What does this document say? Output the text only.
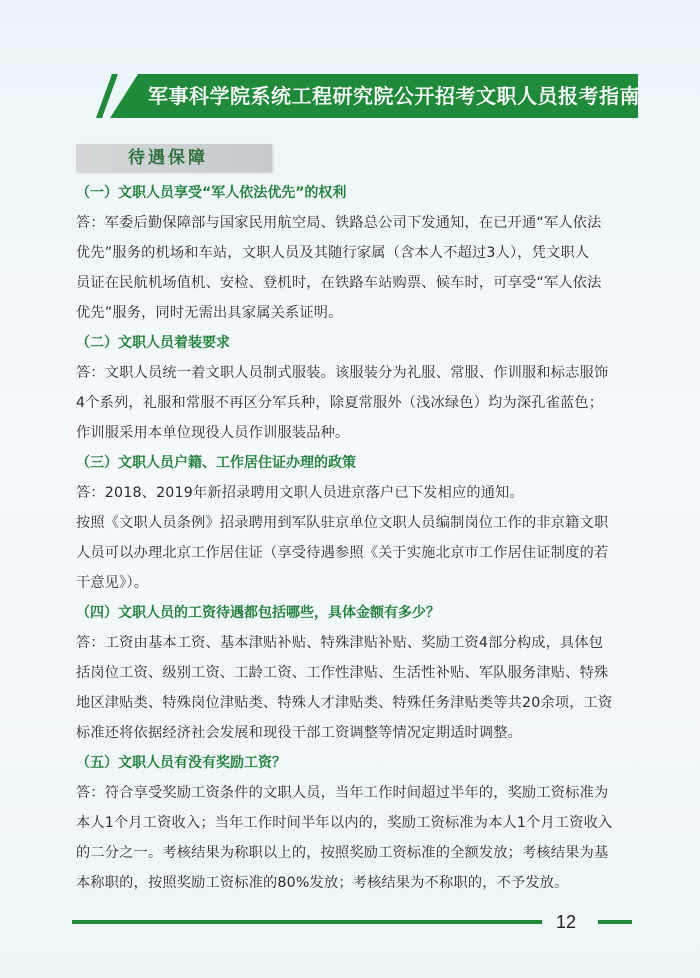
军事科学院系统工程研究院公开招考文职人员报考指南
待遇保障

（一）文职人员享受“军人依法优先”的权利

答：军委后勤保障部与国家民用航空局、铁路总公司下发通知，在已开通“军人依法

优先”服务的机场和车站，文职人员及其随行家属（含本人不超过3人），凭文职人

员证在民航机场值机、安检、登机时，在铁路车站购票、候车时，可享受“军人依法

优先”服务，同时无需出具家属关系证明。

（二）文职人员着装要求

答：文职人员统一着文职人员制式服装。该服装分为礼服、常服、作训服和标志服饰

4个系列，礼服和常服不再区分军兵种，除夏常服外（浅冰绿色）均为深孔雀蓝色；

作训服采用本单位现役人员作训服装品种。

（三）文职人员户籍、工作居住证办理的政策

答：2018、2019年新招录聘用文职人员进京落户已下发相应的通知。

按照《文职人员条例》招录聘用到军队驻京单位文职人员编制岗位工作的非京籍文职

人员可以办理北京工作居住证（享受待遇参照《关于实施北京市工作居住证制度的若

干意见》）。

（四）文职人员的工资待遇都包括哪些，具体金额有多少？

答：工资由基本工资、基本津贴补贴、特殊津贴补贴、奖励工资4部分构成，具体包

括岗位工资、级别工资、工龄工资、工作性津贴、生活性补贴、军队服务津贴、特殊

地区津贴类、特殊岗位津贴类、特殊人才津贴类、特殊任务津贴类等共20余项，工资

标准还将依据经济社会发展和现役干部工资调整等情况定期适时调整。

（五）文职人员有没有奖励工资？

答：符合享受奖励工资条件的文职人员，当年工作时间超过半年的，奖励工资标准为

本人1个月工资收入；当年工作时间半年以内的，奖励工资标准为本人1个月工资收入

的二分之一。考核结果为称职以上的，按照奖励工资标准的全额发放；考核结果为基

本称职的，按照奖励工资标准的80%发放；考核结果为不称职的，不予发放。

12
